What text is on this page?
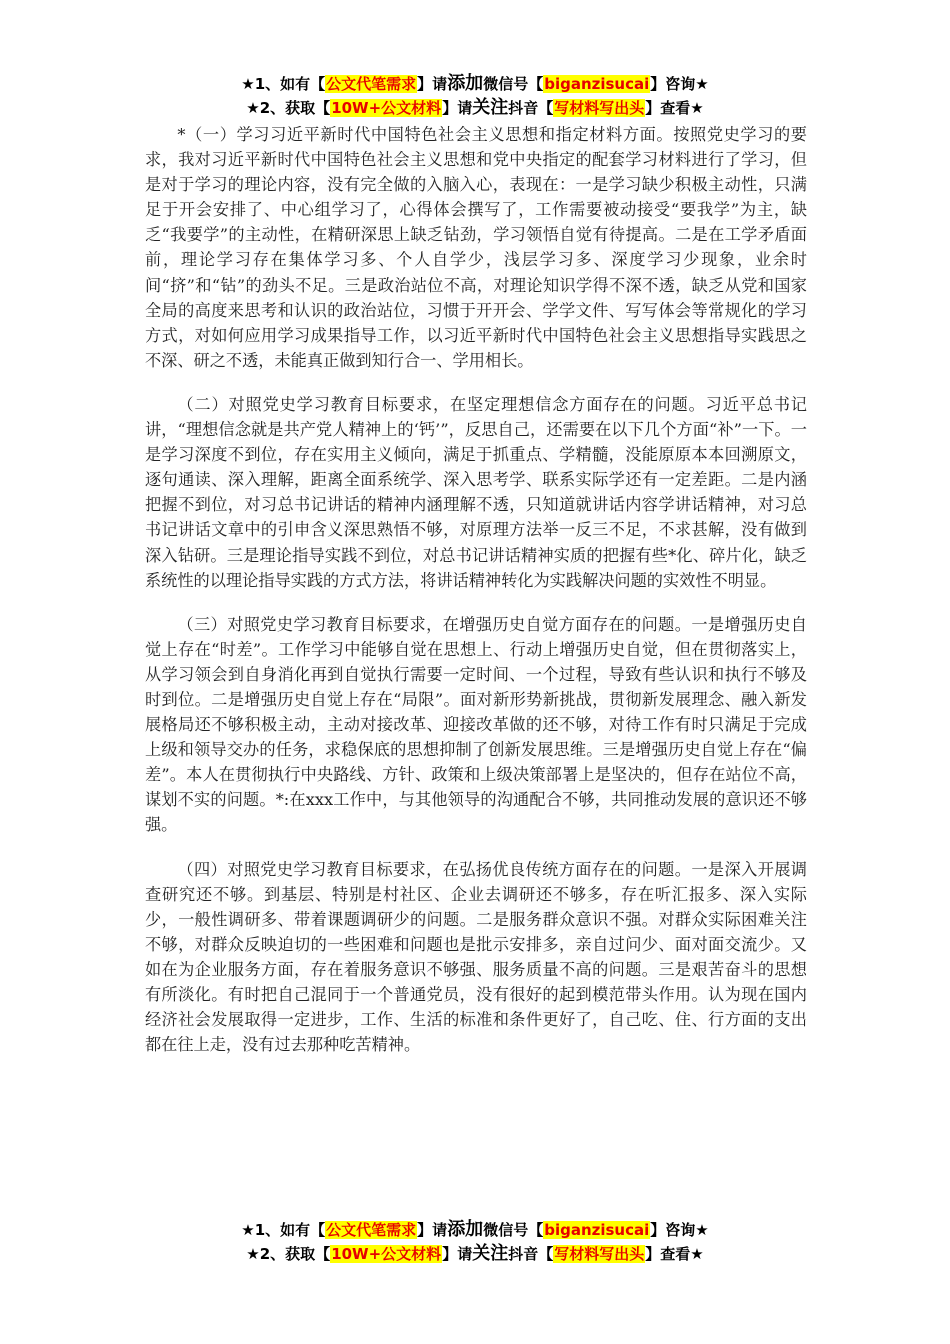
★1、如有【公文代笔需求】请添加微信号【biganzisucai】咨询★
★2、获取【10W+公文材料】请关注抖音【写材料写出头】查看★

*（一）学习习近平新时代中国特色社会主义思想和指定材料方面。按照党史学习的要求，我对习近平新时代中国特色社会主义思想和党中央指定的配套学习材料进行了学习，但是对于学习的理论内容，没有完全做的入脑入心，表现在：一是学习缺少积极主动性，只满足于开会安排了、中心组学习了，心得体会撰写了，工作需要被动接受“要我学”为主，缺乏“我要学”的主动性，在精研深思上缺乏钻劲，学习领悟自觉有待提高。二是在工学矛盾面前，理论学习存在集体学习多、个人自学少，浅层学习多、深度学习少现象，业余时间“挤”和“钻”的劲头不足。三是政治站位不高，对理论知识学得不深不透，缺乏从党和国家全局的高度来思考和认识的政治站位，习惯于开开会、学学文件、写写体会等常规化的学习方式，对如何应用学习成果指导工作，以习近平新时代中国特色社会主义思想指导实践思之不深、研之不透，未能真正做到知行合一、学用相长。

（二）对照党史学习教育目标要求，在坚定理想信念方面存在的问题。习近平总书记讲，“理想信念就是共产党人精神上的‘钙’”，反思自己，还需要在以下几个方面“补”一下。一是学习深度不到位，存在实用主义倾向，满足于抓重点、学精髓，没能原原本本回溯原文，逐句通读、深入理解，距离全面系统学、深入思考学、联系实际学还有一定差距。二是内涵把握不到位，对习总书记讲话的精神内涵理解不透，只知道就讲话内容学讲话精神，对习总书记讲话文章中的引申含义深思熟悟不够，对原理方法举一反三不足，不求甚解，没有做到深入钻研。三是理论指导实践不到位，对总书记讲话精神实质的把握有些*化、碎片化，缺乏系统性的以理论指导实践的方式方法，将讲话精神转化为实践解决问题的实效性不明显。

（三）对照党史学习教育目标要求，在增强历史自觉方面存在的问题。一是增强历史自觉上存在“时差”。工作学习中能够自觉在思想上、行动上增强历史自觉，但在贯彻落实上，从学习领会到自身消化再到自觉执行需要一定时间、一个过程，导致有些认识和执行不够及时到位。二是增强历史自觉上存在“局限”。面对新形势新挑战，贯彻新发展理念、融入新发展格局还不够积极主动，主动对接改革、迎接改革做的还不够，对待工作有时只满足于完成上级和领导交办的任务，求稳保底的思想抑制了创新发展思维。三是增强历史自觉上存在“偏差”。本人在贯彻执行中央路线、方针、政策和上级决策部署上是坚决的，但存在站位不高，谋划不实的问题。*:在xxx工作中，与其他领导的沟通配合不够，共同推动发展的意识还不够强。

（四）对照党史学习教育目标要求，在弘扬优良传统方面存在的问题。一是深入开展调查研究还不够。到基层、特别是村社区、企业去调研还不够多，存在听汇报多、深入实际少，一般性调研多、带着课题调研少的问题。二是服务群众意识不强。对群众实际困难关注不够，对群众反映迫切的一些困难和问题也是批示安排多，亲自过问少、面对面交流少。又如在为企业服务方面，存在着服务意识不够强、服务质量不高的问题。三是艰苦奋斗的思想有所淡化。有时把自己混同于一个普通党员，没有很好的起到模范带头作用。认为现在国内经济社会发展取得一定进步，工作、生活的标准和条件更好了，自己吃、住、行方面的支出都在往上走，没有过去那种吃苦精神。

★1、如有【公文代笔需求】请添加微信号【biganzisucai】咨询★
★2、获取【10W+公文材料】请关注抖音【写材料写出头】查看★
